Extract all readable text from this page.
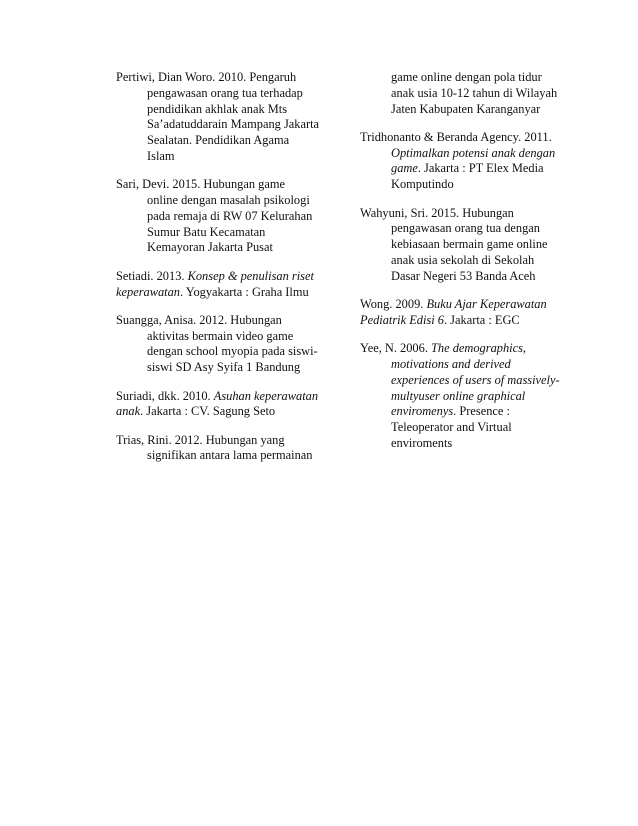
Pertiwi, Dian Woro. 2010. Pengaruh
pengawasan orang tua terhadap
pendidikan akhlak anak Mts
Sa’adatuddarain Mampang Jakarta
Sealatan. Pendidikan Agama
Islam
Sari, Devi. 2015. Hubungan game
online dengan masalah psikologi
pada remaja di RW 07 Kelurahan
Sumur Batu Kecamatan
Kemayoran Jakarta Pusat
Setiadi. 2013. Konsep & penulisan riset
keperawatan. Yogyakarta : Graha Ilmu
Suangga, Anisa. 2012. Hubungan
aktivitas bermain video game
dengan school myopia pada siswi-
siswi SD Asy Syifa 1 Bandung
Suriadi, dkk. 2010. Asuhan keperawatan
anak. Jakarta : CV. Sagung Seto
Trias, Rini. 2012. Hubungan yang
signifikan antara lama permainan
game online dengan pola tidur
anak usia 10-12 tahun di Wilayah
Jaten Kabupaten Karanganyar
Tridhonanto & Beranda Agency. 2011.
Optimalkan potensi anak dengan
game. Jakarta : PT Elex Media
Komputindo
Wahyuni, Sri. 2015. Hubungan
pengawasan orang tua dengan
kebiasaan bermain game online
anak usia sekolah di Sekolah
Dasar Negeri 53 Banda Aceh
Wong. 2009. Buku Ajar Keperawatan
Pediatrik Edisi 6. Jakarta : EGC
Yee, N. 2006. The demographics,
motivations and derived
experiences of users of massively-
multyuser online graphical
enviromenys. Presence :
Teleoperator and Virtual
enviroments
